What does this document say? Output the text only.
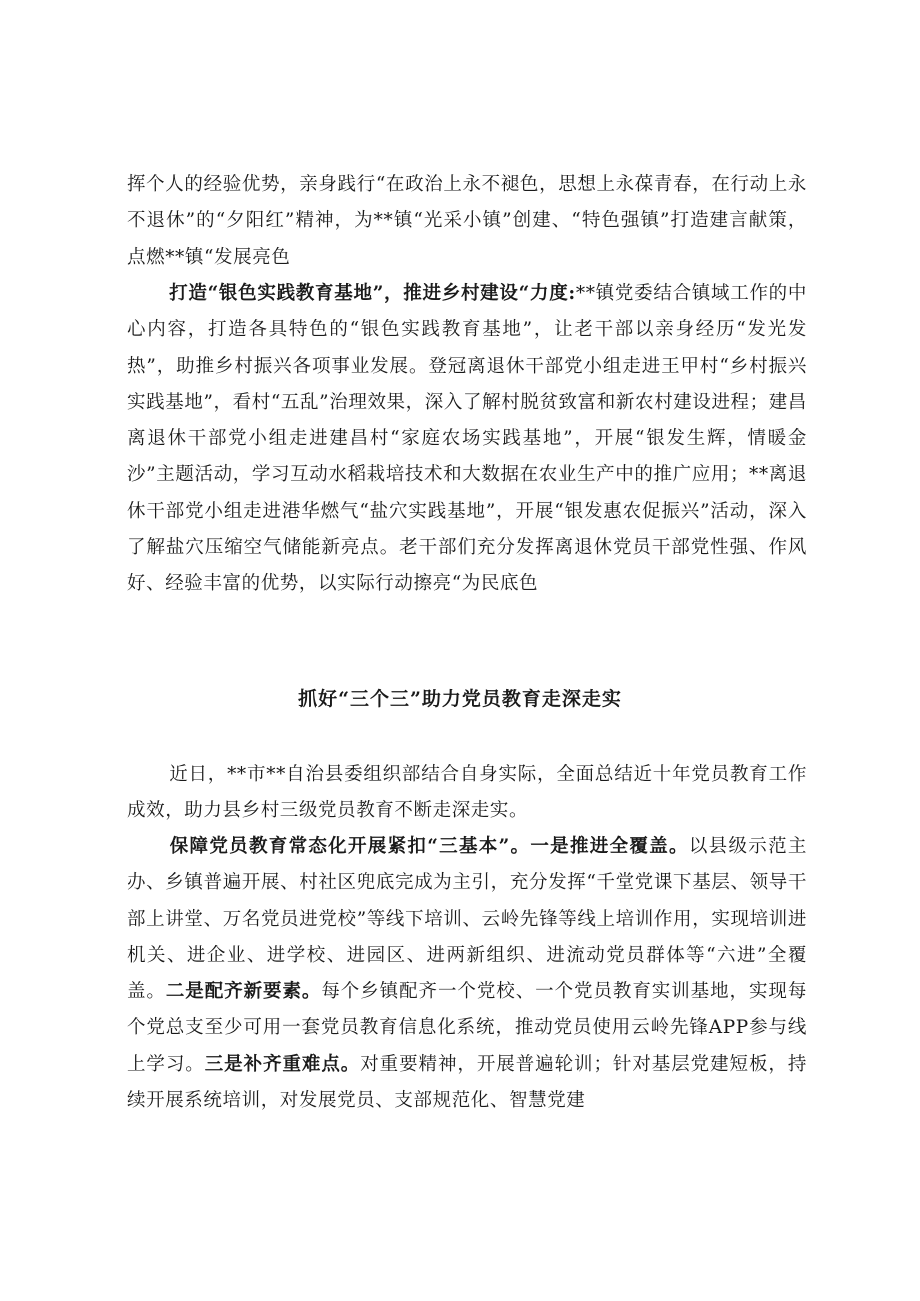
挥个人的经验优势，亲身践行“在政治上永不褪色，思想上永葆青春，在行动上永不退休”的“夕阳红”精神，为**镇“光采小镇”创建、“特色强镇”打造建言献策，点燃**镇“发展亮色

打造“银色实践教育基地”，推进乡村建设“力度:**镇党委结合镇域工作的中心内容，打造各具特色的“银色实践教育基地”，让老干部以亲身经历“发光发热”，助推乡村振兴各项事业发展。登冠离退休干部党小组走进王甲村“乡村振兴实践基地”，看村“五乱”治理效果，深入了解村脱贫致富和新农村建设进程；建昌离退休干部党小组走进建昌村“家庭农场实践基地”，开展“银发生辉，情暖金沙”主题活动，学习互动水稻栽培技术和大数据在农业生产中的推广应用；**离退休干部党小组走进港华燃气“盐穴实践基地”，开展“银发惠农促振兴”活动，深入了解盐穴压缩空气储能新亮点。老干部们充分发挥离退休党员干部党性强、作风好、经验丰富的优势，以实际行动擦亮“为民底色

抓好“三个三”助力党员教育走深走实

近日，**市**自治县委组织部结合自身实际，全面总结近十年党员教育工作成效，助力县乡村三级党员教育不断走深走实。

保障党员教育常态化开展紧扣“三基本”。一是推进全覆盖。以县级示范主办、乡镇普遍开展、村社区兜底完成为主引，充分发挥“千堂党课下基层、领导干部上讲堂、万名党员进党校”等线下培训、云岭先锋等线上培训作用，实现培训进机关、进企业、进学校、进园区、进两新组织、进流动党员群体等“六进”全覆盖。二是配齐新要素。每个乡镇配齐一个党校、一个党员教育实训基地，实现每个党总支至少可用一套党员教育信息化系统，推动党员使用云岭先锋APP参与线上学习。三是补齐重难点。对重要精神，开展普遍轮训；针对基层党建短板，持续开展系统培训，对发展党员、支部规范化、智慧党建
